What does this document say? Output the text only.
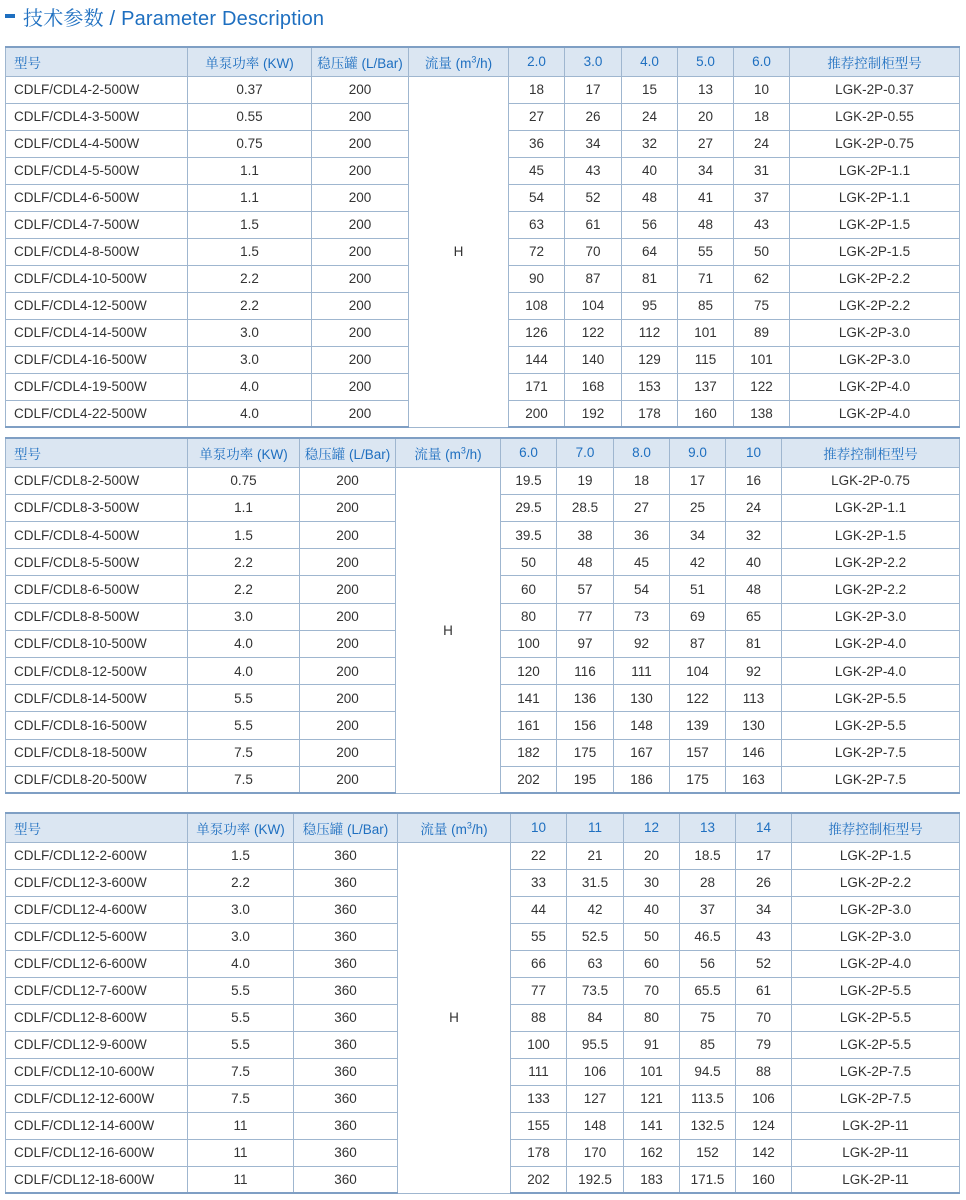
技术参数 / Parameter Description
型号	单泵功率 (KW)	稳压罐 (L/Bar)	流量 $(m^3/h)$	2.0	3.0	4.0	5.0	6.0	推荐控制柜型号
CDLF/CDL4-2-500W	0.37	200	H	18	17	15	13	10	LGK-2P-0.37
CDLF/CDL4-3-500W	0.55	200		27	26	24	20	18	LGK-2P-0.55
CDLF/CDL4-4-500W	0.75	200		36	34	32	27	24	LGK-2P-0.75
CDLF/CDL4-5-500W	1.1	200		45	43	40	34	31	LGK-2P-1.1
CDLF/CDL4-6-500W	1.1	200		54	52	48	41	37	LGK-2P-1.1
CDLF/CDL4-7-500W	1.5	200		63	61	56	48	43	LGK-2P-1.5
CDLF/CDL4-8-500W	1.5	200		72	70	64	55	50	LGK-2P-1.5
CDLF/CDL4-10-500W	2.2	200		90	87	81	71	62	LGK-2P-2.2
CDLF/CDL4-12-500W	2.2	200		108	104	95	85	75	LGK-2P-2.2
CDLF/CDL4-14-500W	3.0	200		126	122	112	101	89	LGK-2P-3.0
CDLF/CDL4-16-500W	3.0	200		144	140	129	115	101	LGK-2P-3.0
CDLF/CDL4-19-500W	4.0	200		171	168	153	137	122	LGK-2P-4.0
CDLF/CDL4-22-500W	4.0	200		200	192	178	160	138	LGK-2P-4.0
型号	单泵功率 (KW)	稳压罐 (L/Bar)	流量 $(m^3/h)$	6.0	7.0	8.0	9.0	10	推荐控制柜型号
CDLF/CDL8-2-500W	0.75	200	H	19.5	19	18	17	16	LGK-2P-0.75
CDLF/CDL8-3-500W	1.1	200		29.5	28.5	27	25	24	LGK-2P-1.1
CDLF/CDL8-4-500W	1.5	200		39.5	38	36	34	32	LGK-2P-1.5
CDLF/CDL8-5-500W	2.2	200		50	48	45	42	40	LGK-2P-2.2
CDLF/CDL8-6-500W	2.2	200		60	57	54	51	48	LGK-2P-2.2
CDLF/CDL8-8-500W	3.0	200		80	77	73	69	65	LGK-2P-3.0
CDLF/CDL8-10-500W	4.0	200		100	97	92	87	81	LGK-2P-4.0
CDLF/CDL8-12-500W	4.0	200		120	116	111	104	92	LGK-2P-4.0
CDLF/CDL8-14-500W	5.5	200		141	136	130	122	113	LGK-2P-5.5
CDLF/CDL8-16-500W	5.5	200		161	156	148	139	130	LGK-2P-5.5
CDLF/CDL8-18-500W	7.5	200		182	175	167	157	146	LGK-2P-7.5
CDLF/CDL8-20-500W	7.5	200		202	195	186	175	163	LGK-2P-7.5
型号	单泵功率 (KW)	稳压罐 (L/Bar)	流量 $(m^3/h)$	10	11	12	13	14	推荐控制柜型号
CDLF/CDL12-2-600W	1.5	360	H	22	21	20	18.5	17	LGK-2P-1.5
CDLF/CDL12-3-600W	2.2	360		33	31.5	30	28	26	LGK-2P-2.2
CDLF/CDL12-4-600W	3.0	360		44	42	40	37	34	LGK-2P-3.0
CDLF/CDL12-5-600W	3.0	360		55	52.5	50	46.5	43	LGK-2P-3.0
CDLF/CDL12-6-600W	4.0	360		66	63	60	56	52	LGK-2P-4.0
CDLF/CDL12-7-600W	5.5	360		77	73.5	70	65.5	61	LGK-2P-5.5
CDLF/CDL12-8-600W	5.5	360		88	84	80	75	70	LGK-2P-5.5
CDLF/CDL12-9-600W	5.5	360		100	95.5	91	85	79	LGK-2P-5.5
CDLF/CDL12-10-600W	7.5	360		111	106	101	94.5	88	LGK-2P-7.5
CDLF/CDL12-12-600W	7.5	360		133	127	121	113.5	106	LGK-2P-7.5
CDLF/CDL12-14-600W	11	360		155	148	141	132.5	124	LGK-2P-11
CDLF/CDL12-16-600W	11	360		178	170	162	152	142	LGK-2P-11
CDLF/CDL12-18-600W	11	360		202	192.5	183	171.5	160	LGK-2P-11
